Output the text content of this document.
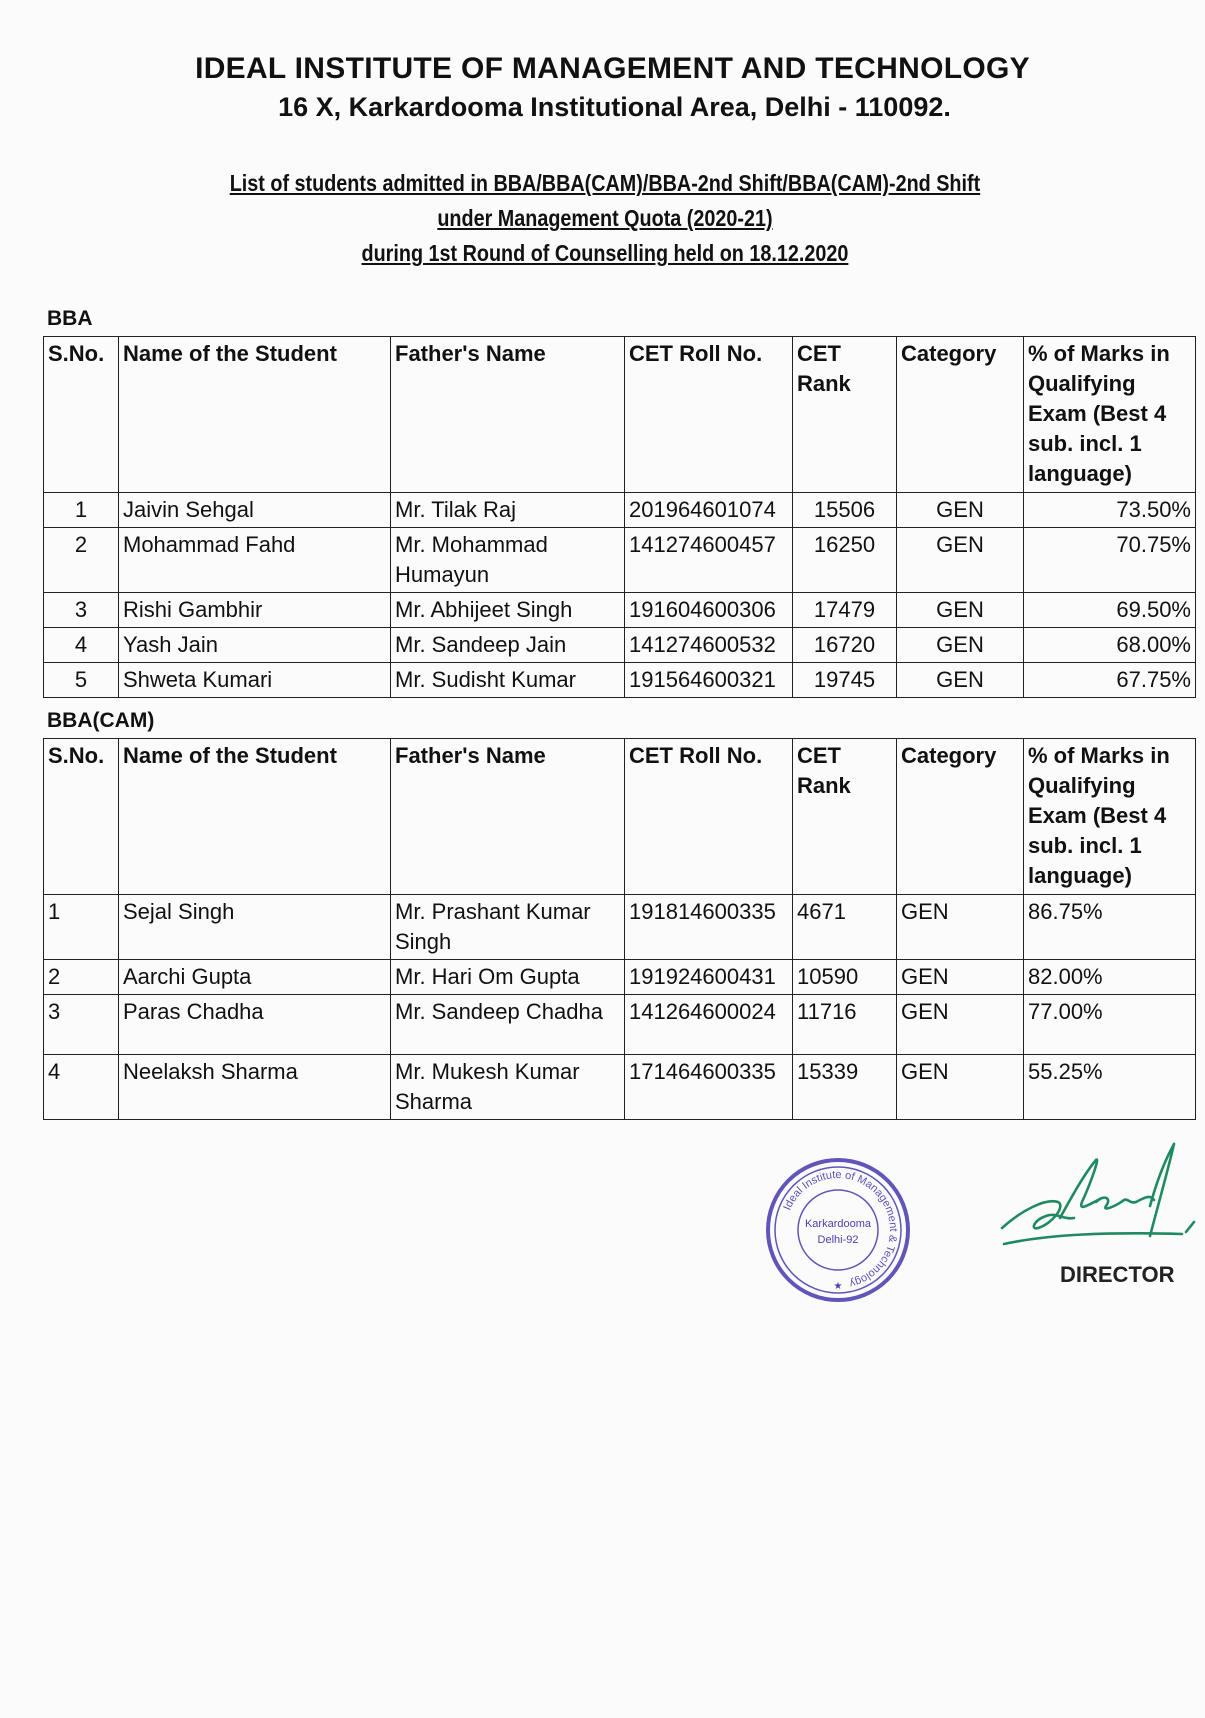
IDEAL INSTITUTE OF MANAGEMENT AND TECHNOLOGY
16 X, Karkardooma Institutional Area, Delhi - 110092.
List of students admitted in BBA/BBA(CAM)/BBA-2nd Shift/BBA(CAM)-2nd Shift
under Management Quota (2020-21)
during 1st Round of Counselling held on 18.12.2020
BBA
S.No.	Name of the Student	Father's Name	CET Roll No.	CET Rank	Category	% of Marks in Qualifying Exam (Best 4 sub. incl. 1 language)
1	Jaivin Sehgal	Mr. Tilak Raj	201964601074	15506	GEN	73.50%
2	Mohammad Fahd	Mr. Mohammad Humayun	141274600457	16250	GEN	70.75%
3	Rishi Gambhir	Mr. Abhijeet Singh	191604600306	17479	GEN	69.50%
4	Yash Jain	Mr. Sandeep Jain	141274600532	16720	GEN	68.00%
5	Shweta Kumari	Mr. Sudisht Kumar	191564600321	19745	GEN	67.75%
BBA(CAM)
S.No.	Name of the Student	Father's Name	CET Roll No.	CET Rank	Category	% of Marks in Qualifying Exam (Best 4 sub. incl. 1 language)
1	Sejal Singh	Mr. Prashant Kumar Singh	191814600335	4671	GEN	86.75%
2	Aarchi Gupta	Mr. Hari Om Gupta	191924600431	10590	GEN	82.00%
3	Paras Chadha	Mr. Sandeep Chadha	141264600024	11716	GEN	77.00%
4	Neelaksh Sharma	Mr. Mukesh Kumar Sharma	171464600335	15339	GEN	55.25%
Ideal Institute of Management & Technology
Karkardooma
Delhi-92
★	DIRECTOR
